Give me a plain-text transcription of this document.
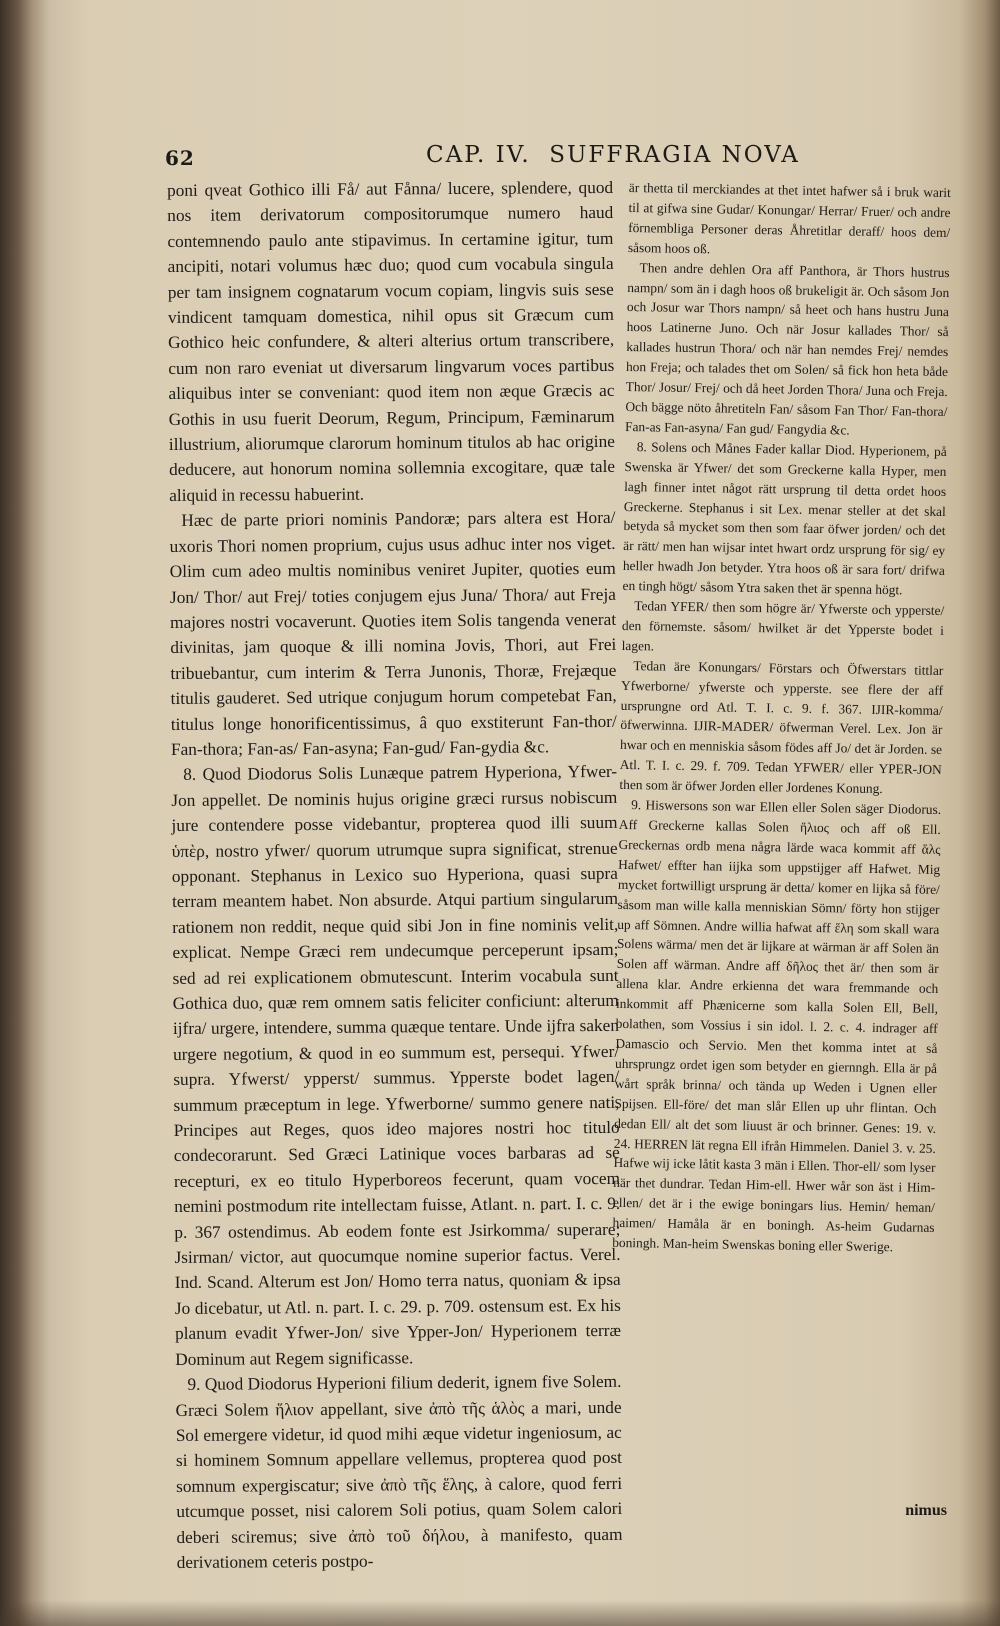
62	CAP. IV. SUFFRAGIA NOVA

poni qveat Gothico illi Få/ aut Fånna/ lucere, splendere, quod nos item derivatorum compositorumque numero haud contemnendo paulo ante stipavimus. In certamine igitur, tum ancipiti, notari volumus hæc duo; quod cum vocabula singula per tam insignem cognatarum vocum copiam, lingvis suis sese vindicent tamquam domestica, nihil opus sit Græcum cum Gothico heic confundere, & alteri alterius ortum transcribere, cum non raro eveniat ut diversarum lingvarum voces partibus aliquibus inter se conveniant: quod item non æque Græcis ac Gothis in usu fuerit Deorum, Regum, Principum, Fæminarum illustrium, aliorumque clarorum hominum titulos ab hac origine deducere, aut honorum nomina sollemnia excogitare, quæ tale aliquid in recessu habuerint.

Hæc de parte priori nominis Pandoræ; pars altera est Hora/ uxoris Thori nomen proprium, cujus usus adhuc inter nos viget. Olim cum adeo multis nominibus veniret Jupiter, quoties eum Jon/ Thor/ aut Frej/ toties conjugem ejus Juna/ Thora/ aut Freja majores nostri vocaverunt. Quoties item Solis tangenda venerat divinitas, jam quoque & illi nomina Jovis, Thori, aut Frei tribuebantur, cum interim & Terra Junonis, Thoræ, Frejæque titulis gauderet. Sed utrique conjugum horum competebat Fan, titulus longe honorificentissimus, â quo exstiterunt Fan-thor/ Fan-thora; Fan-as/ Fan-asyna; Fan-gud/ Fan-gydia &c.

8. Quod Diodorus Solis Lunæque patrem Hyperiona, Yfwer-Jon appellet. De nominis hujus origine græci rursus nobiscum jure contendere posse videbantur, propterea quod illi suum ὑπὲρ, nostro yfwer/ quorum utrumque supra significat, strenue opponant. Stephanus in Lexico suo Hyperiona, quasi supra terram meantem habet. Non absurde. Atqui partium singularum rationem non reddit, neque quid sibi Jon in fine nominis velit, explicat. Nempe Græci rem undecumque perceperunt ipsam; sed ad rei explicationem obmutescunt. Interim vocabula sunt Gothica duo, quæ rem omnem satis feliciter conficiunt: alterum ijfra/ urgere, intendere, summa quæque tentare. Unde ijfra saken urgere negotium, & quod in eo summum est, persequi. Yfwer/ supra. Yfwerst/ ypperst/ summus. Ypperste bodet lagen/ summum præceptum in lege. Yfwerborne/ summo genere nati, Principes aut Reges, quos ideo majores nostri hoc titulo condecorarunt. Sed Græci Latinique voces barbaras ad se recepturi, ex eo titulo Hyperboreos fecerunt, quam vocem nemini postmodum rite intellectam fuisse, Atlant. n. part. I. c. 9. p. 367 ostendimus. Ab eodem fonte est Jsirkomma/ superare; Jsirman/ victor, aut quocumque nomine superior factus. Verel. Ind. Scand. Alterum est Jon/ Homo terra natus, quoniam & ipsa Jo dicebatur, ut Atl. n. part. I. c. 29. p. 709. ostensum est. Ex his planum evadit Yfwer-Jon/ sive Ypper-Jon/ Hyperionem terræ Dominum aut Regem significasse.

9. Quod Diodorus Hyperioni filium dederit, ignem five Solem. Græci Solem ἥλιον appellant, sive ἀπὸ τῆς ἁλὸς a mari, unde Sol emergere videtur, id quod mihi æque videtur ingeniosum, ac si hominem Somnum appellare vellemus, propterea quod post somnum expergiscatur; sive ἀπὸ τῆς ἕλης, à calore, quod ferri utcumque posset, nisi calorem Soli potius, quam Solem calori deberi sciremus; sive ἀπὸ τοῦ δήλου, à manifesto, quam derivationem ceteris postpo-

är thetta til merckiandes at thet intet hafwer så i bruk warit til at gifwa sine Gudar/ Konungar/ Herrar/ Fruer/ och andre förnembliga Personer deras Åhretitlar deraff/ hoos dem/ såsom hoos oß.

Then andre dehlen Ora aff Panthora, är Thors hustrus nampn/ som än i dagh hoos oß brukeligit är. Och såsom Jon och Josur war Thors nampn/ så heet och hans hustru Juna hoos Latinerne Juno. Och när Josur kallades Thor/ så kallades hustrun Thora/ och när han nemdes Frej/ nemdes hon Freja; och talades thet om Solen/ så fick hon heta både Thor/ Josur/ Frej/ och då heet Jorden Thora/ Juna och Freja. Och bägge nöto åhretiteln Fan/ såsom Fan Thor/ Fan-thora/ Fan-as Fan-asyna/ Fan gud/ Fangydia &c.

8. Solens och Månes Fader kallar Diod. Hyperionem, på Swenska är Yfwer/ det som Greckerne kalla Hyper, men lagh finner intet något rätt ursprung til detta ordet hoos Greckerne. Stephanus i sit Lex. menar steller at det skal betyda så mycket som then som faar öfwer jorden/ och det är rätt/ men han wijsar intet hwart ordz ursprung för sig/ ey heller hwadh Jon betyder. Ytra hoos oß är sara fort/ drifwa en tingh högt/ såsom Ytra saken thet är spenna högt.

Tedan YFER/ then som högre är/ Yfwerste och ypperste/ den förnemste. såsom/ hwilket är det Ypperste bodet i lagen.

Tedan äre Konungars/ Förstars och Öfwerstars tittlar Yfwerborne/ yfwerste och ypperste. see flere der aff ursprungne ord Atl. T. I. c. 9. f. 367. IJIR-komma/ öfwerwinna. IJIR-MADER/ öfwerman Verel. Lex. Jon är hwar och en menniskia såsom födes aff Jo/ det är Jorden. se Atl. T. I. c. 29. f. 709. Tedan YFWER/ eller YPER-JON then som är öfwer Jorden eller Jordenes Konung.

9. Hiswersons son war Ellen eller Solen säger Diodorus. Aff Greckerne kallas Solen ἥλιος och aff oß Ell. Greckernas ordb mena några lärde waca kommit aff ἅλς Hafwet/ effter han iijka som uppstijger aff Hafwet. Mig mycket fortwilligt ursprung är detta/ komer en lijka så före/ såsom man wille kalla menniskian Sömn/ förty hon stijger up aff Sömnen. Andre willia hafwat aff ἕλη som skall wara Solens wärma/ men det är lijkare at wärman är aff Solen än Solen aff wärman. Andre aff δῆλος thet är/ then som är allena klar. Andre erkienna det wara fremmande och inkommit aff Phænicerne som kalla Solen Ell, Bell, bolathen, som Vossius i sin idol. l. 2. c. 4. indrager aff Damascio och Servio. Men thet komma intet at så uhrsprungz ordet igen som betyder en giernngh. Ella är på wårt språk brinna/ och tända up Weden i Ugnen eller Spijsen. Ell-före/ det man slår Ellen up uhr flintan. Och dedan Ell/ alt det som liuust är och brinner. Genes: 19. v. 24. HERREN lät regna Ell ifrån Himmelen. Daniel 3. v. 25. Hafwe wij icke låtit kasta 3 män i Ellen. Thor-ell/ som lyser när thet dundrar. Tedan Him-ell. Hwer wår son äst i Him-ellen/ det är i the ewige boningars lius. Hemin/ heman/ haimen/ Hamåla är en boningh. As-heim Gudarnas boningh. Man-heim Swenskas boning eller Swerige.

nimus
